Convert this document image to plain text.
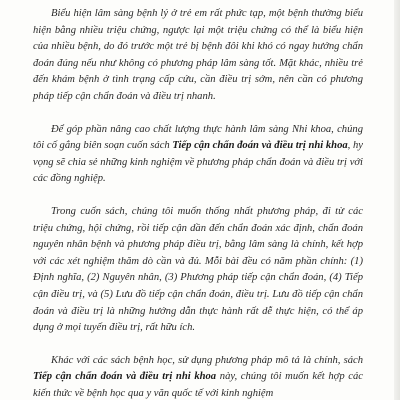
Biểu hiện lâm sàng bệnh lý ở trẻ em rất phức tạp, một bệnh thường biểu hiện bằng nhiều triệu chứng, ngược lại một triệu chứng có thể là biểu hiện của nhiều bệnh, do đó trước một trẻ bị bệnh đôi khi khó có ngay hướng chẩn đoán đúng nếu như không có phương pháp lâm sàng tốt. Mặt khác, nhiều trẻ đến khám bệnh ở tình trạng cấp cứu, cần điều trị sớm, nên cần có phương pháp tiếp cận chẩn đoán và điều trị nhanh.

Để góp phần nâng cao chất lượng thực hành lâm sàng Nhi khoa, chúng tôi cố gắng biên soạn cuốn sách Tiếp cận chẩn đoán và điều trị nhi khoa, hy vọng sẽ chia sẻ những kinh nghiệm về phương pháp chẩn đoán và điều trị với các đồng nghiệp.

Trong cuốn sách, chúng tôi muốn thống nhất phương pháp, đi từ các triệu chứng, hội chứng, rồi tiếp cận dần đến chẩn đoán xác định, chẩn đoán nguyên nhân bệnh và phương pháp điều trị, bằng lâm sàng là chính, kết hợp với các xét nghiệm thăm dò cần và đủ. Mỗi bài đều có năm phần chính: (1) Định nghĩa, (2) Nguyên nhân, (3) Phương pháp tiếp cận chẩn đoán, (4) Tiếp cận điều trị, và (5) Lưu đồ tiếp cận chẩn đoán, điều trị. Lưu đồ tiếp cận chẩn đoán và điều trị là những hướng dẫn thực hành rất dễ thực hiện, có thể áp dụng ở mọi tuyến điều trị, rất hữu ích.

Khác với các sách bệnh học, sử dụng phương pháp mô tả là chính, sách Tiếp cận chẩn đoán và điều trị nhi khoa này, chúng tôi muốn kết hợp các kiến thức về bệnh học qua y văn quốc tế với kinh nghiệm
